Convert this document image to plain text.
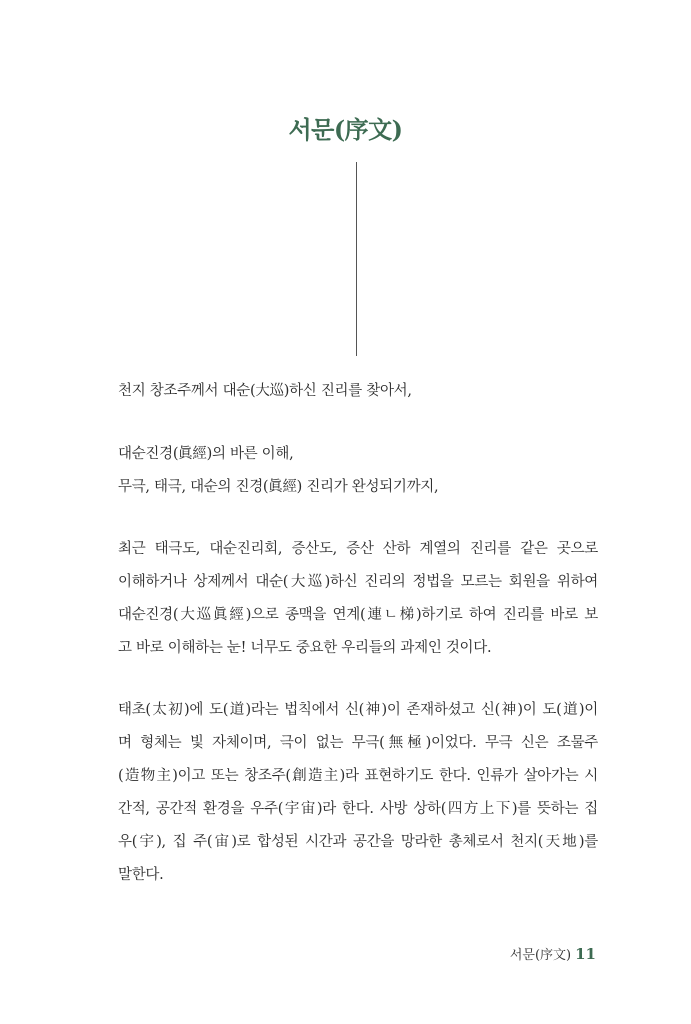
서문(序文)
천지 창조주께서 대순(大巡)하신 진리를 찾아서,
대순진경(眞經)의 바른 이해,
무극, 태극, 대순의 진경(眞經) 진리가 완성되기까지,
최근 태극도, 대순진리회, 증산도, 증산 산하 계열의 진리를 같은 곳으로
이해하거나 상제께서 대순(大巡)하신 진리의 정법을 모르는 회원을 위하여
대순진경(大巡眞經)으로 종맥을 연계(連ㄴ梯)하기로 하여 진리를 바로 보
고 바로 이해하는 눈! 너무도 중요한 우리들의 과제인 것이다.
태초(太初)에 도(道)라는 법칙에서 신(神)이 존재하셨고 신(神)이 도(道)이
며 형체는 빛 자체이며, 극이 없는 무극(無極)이었다. 무극 신은 조물주
(造物主)이고 또는 창조주(創造主)라 표현하기도 한다. 인류가 살아가는 시
간적, 공간적 환경을 우주(宇宙)라 한다. 사방 상하(四方上下)를 뜻하는 집
우(宇), 집 주(宙)로 합성된 시간과 공간을 망라한 총체로서 천지(天地)를
말한다.
서문(序文) 11
